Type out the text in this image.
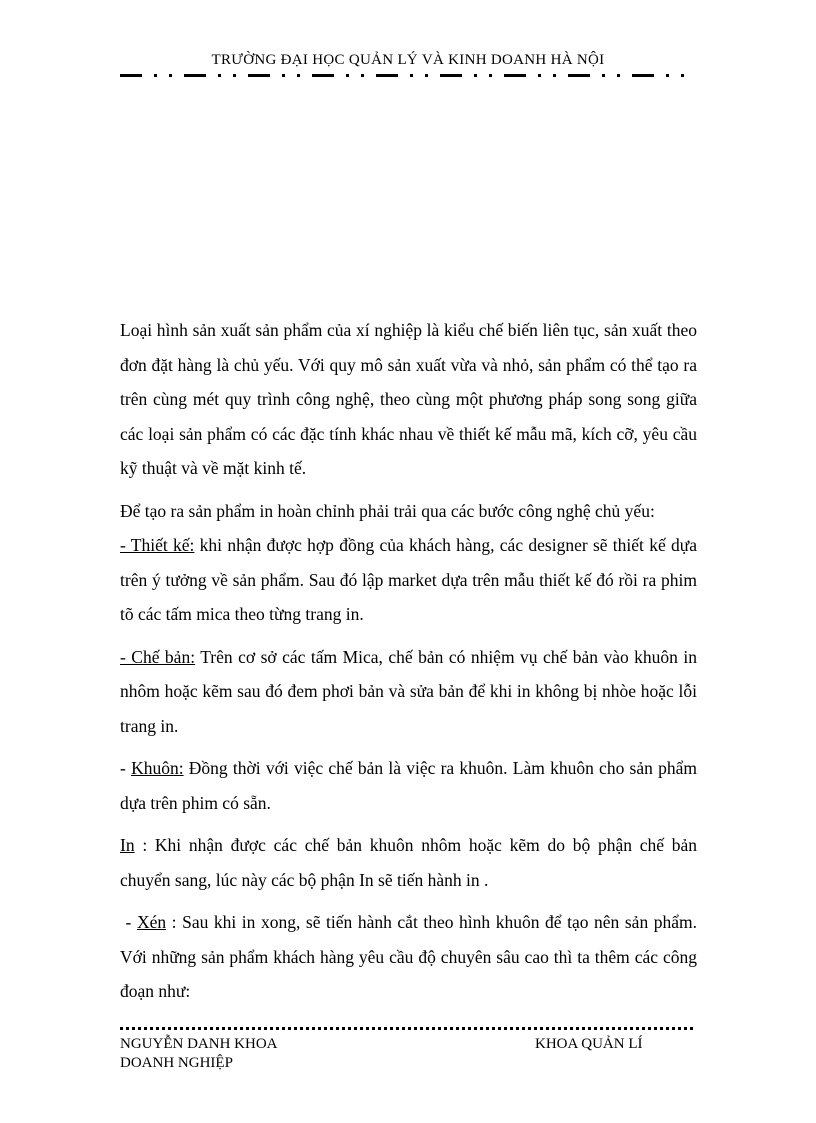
TRƯỜNG ĐẠI HỌC QUẢN LÝ VÀ KINH DOANH HÀ NỘI

Loại hình sản xuất sản phẩm của xí nghiệp là kiểu chế biến liên tục, sản xuất theo đơn đặt hàng là chủ yếu. Với quy mô sản xuất vừa và nhỏ, sản phẩm có thể tạo ra trên cùng mét quy trình công nghệ, theo cùng một phương pháp song song giữa các loại sản phẩm có các đặc tính khác nhau về thiết kế mẫu mã, kích cỡ, yêu cầu kỹ thuật và về mặt kinh tế.

Để tạo ra sản phẩm in hoàn chỉnh phải trải qua các bước công nghệ chủ yếu:
- Thiết kế: khi nhận được hợp đồng của khách hàng, các designer sẽ thiết kế dựa trên ý tưởng về sản phẩm. Sau đó lập market dựa trên mẫu thiết kế đó rồi ra phim tõ các tấm mica theo từng trang in.

- Chế bản: Trên cơ sở các tấm Mica, chế bản có nhiệm vụ chế bản vào khuôn in nhôm hoặc kẽm sau đó đem phơi bản và sửa bản để khi in không bị nhòe hoặc lỗi trang in.

- Khuôn: Đồng thời với việc chế bản là việc ra khuôn. Làm khuôn cho sản phẩm dựa trên phim có sẵn.

In : Khi nhận được các chế bản khuôn nhôm hoặc kẽm do bộ phận chế bản chuyển sang, lúc này các bộ phận In sẽ tiến hành in .

- Xén : Sau khi in xong, sẽ tiến hành cắt theo hình khuôn để tạo nên sản phẩm. Với những sản phẩm khách hàng yêu cầu độ chuyên sâu cao thì ta thêm các công đoạn như:

NGUYỄN DANH KHOA
DOANH NGHIỆP
KHOA QUẢN LÍ
